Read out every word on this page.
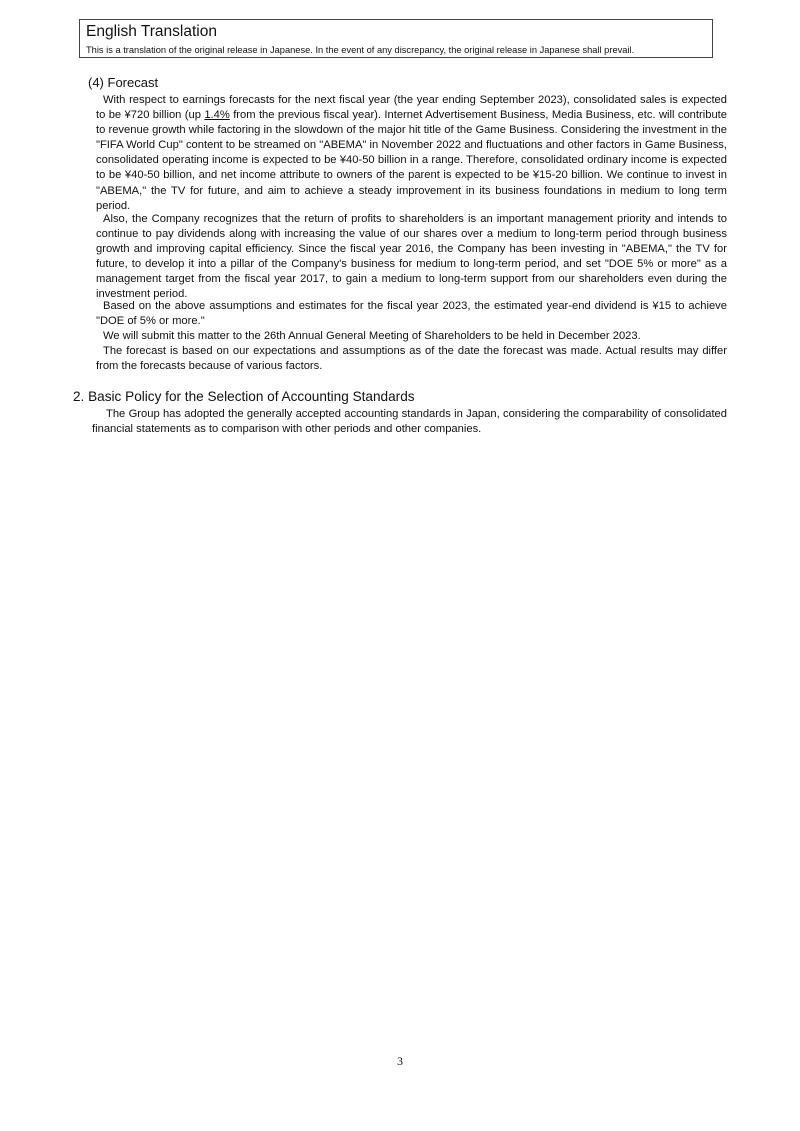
English Translation
This is a translation of the original release in Japanese. In the event of any discrepancy, the original release in Japanese shall prevail.
(4) Forecast

With respect to earnings forecasts for the next fiscal year (the year ending September 2023), consolidated sales is expected to be ¥720 billion (up 1.4% from the previous fiscal year). Internet Advertisement Business, Media Business, etc. will contribute to revenue growth while factoring in the slowdown of the major hit title of the Game Business. Considering the investment in the "FIFA World Cup" content to be streamed on "ABEMA" in November 2022 and fluctuations and other factors in Game Business, consolidated operating income is expected to be ¥40-50 billion in a range. Therefore, consolidated ordinary income is expected to be ¥40-50 billion, and net income attribute to owners of the parent is expected to be ¥15-20 billion. We continue to invest in "ABEMA," the TV for future, and aim to achieve a steady improvement in its business foundations in medium to long term period.

Also, the Company recognizes that the return of profits to shareholders is an important management priority and intends to continue to pay dividends along with increasing the value of our shares over a medium to long-term period through business growth and improving capital efficiency. Since the fiscal year 2016, the Company has been investing in "ABEMA," the TV for future, to develop it into a pillar of the Company's business for medium to long-term period, and set "DOE 5% or more" as a management target from the fiscal year 2017, to gain a medium to long-term support from our shareholders even during the investment period.

Based on the above assumptions and estimates for the fiscal year 2023, the estimated year-end dividend is ¥15 to achieve "DOE of 5% or more."

We will submit this matter to the 26th Annual General Meeting of Shareholders to be held in December 2023.

The forecast is based on our expectations and assumptions as of the date the forecast was made. Actual results may differ from the forecasts because of various factors.

2. Basic Policy for the Selection of Accounting Standards

The Group has adopted the generally accepted accounting standards in Japan, considering the comparability of consolidated financial statements as to comparison with other periods and other companies.

3
